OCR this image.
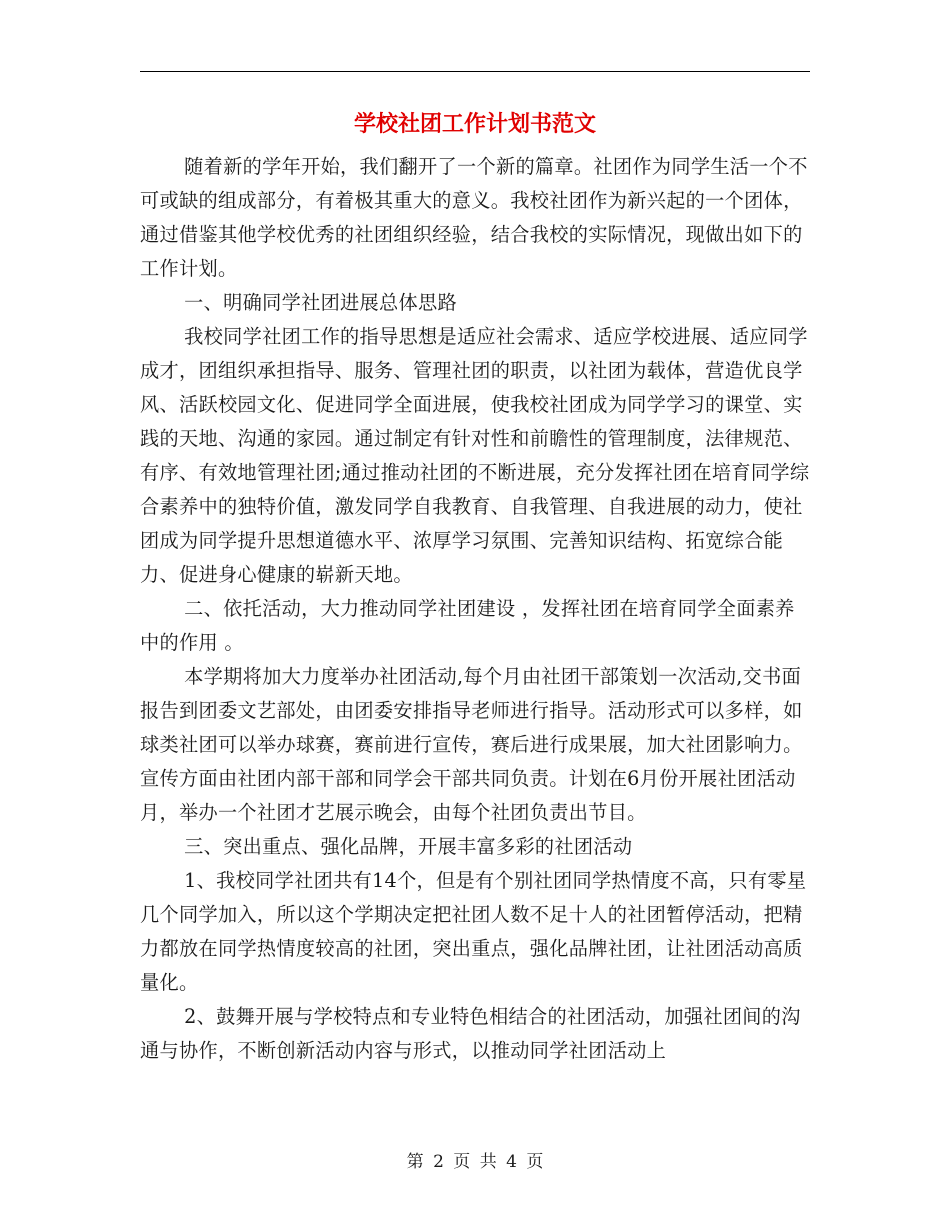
学校社团工作计划书范文

随着新的学年开始，我们翻开了一个新的篇章。社团作为同学生活一个不可或缺的组成部分，有着极其重大的意义。我校社团作为新兴起的一个团体，通过借鉴其他学校优秀的社团组织经验，结合我校的实际情况，现做出如下的工作计划。

一、明确同学社团进展总体思路

我校同学社团工作的指导思想是适应社会需求、适应学校进展、适应同学成才，团组织承担指导、服务、管理社团的职责，以社团为载体，营造优良学风、活跃校园文化、促进同学全面进展，使我校社团成为同学学习的课堂、实践的天地、沟通的家园。通过制定有针对性和前瞻性的管理制度，法律规范、有序、有效地管理社团;通过推动社团的不断进展，充分发挥社团在培育同学综合素养中的独特价值，激发同学自我教育、自我管理、自我进展的动力，使社团成为同学提升思想道德水平、浓厚学习氛围、完善知识结构、拓宽综合能力、促进身心健康的崭新天地。

二、依托活动，大力推动同学社团建设 ，发挥社团在培育同学全面素养中的作用 。

本学期将加大力度举办社团活动,每个月由社团干部策划一次活动,交书面报告到团委文艺部处，由团委安排指导老师进行指导。活动形式可以多样，如球类社团可以举办球赛，赛前进行宣传，赛后进行成果展，加大社团影响力。宣传方面由社团内部干部和同学会干部共同负责。计划在6月份开展社团活动月，举办一个社团才艺展示晚会，由每个社团负责出节目。

三、突出重点、强化品牌，开展丰富多彩的社团活动

1、我校同学社团共有14个，但是有个别社团同学热情度不高，只有零星几个同学加入，所以这个学期决定把社团人数不足十人的社团暂停活动，把精力都放在同学热情度较高的社团，突出重点，强化品牌社团，让社团活动高质量化。

2、鼓舞开展与学校特点和专业特色相结合的社团活动，加强社团间的沟通与协作，不断创新活动内容与形式，以推动同学社团活动上

第 2 页 共 4 页
